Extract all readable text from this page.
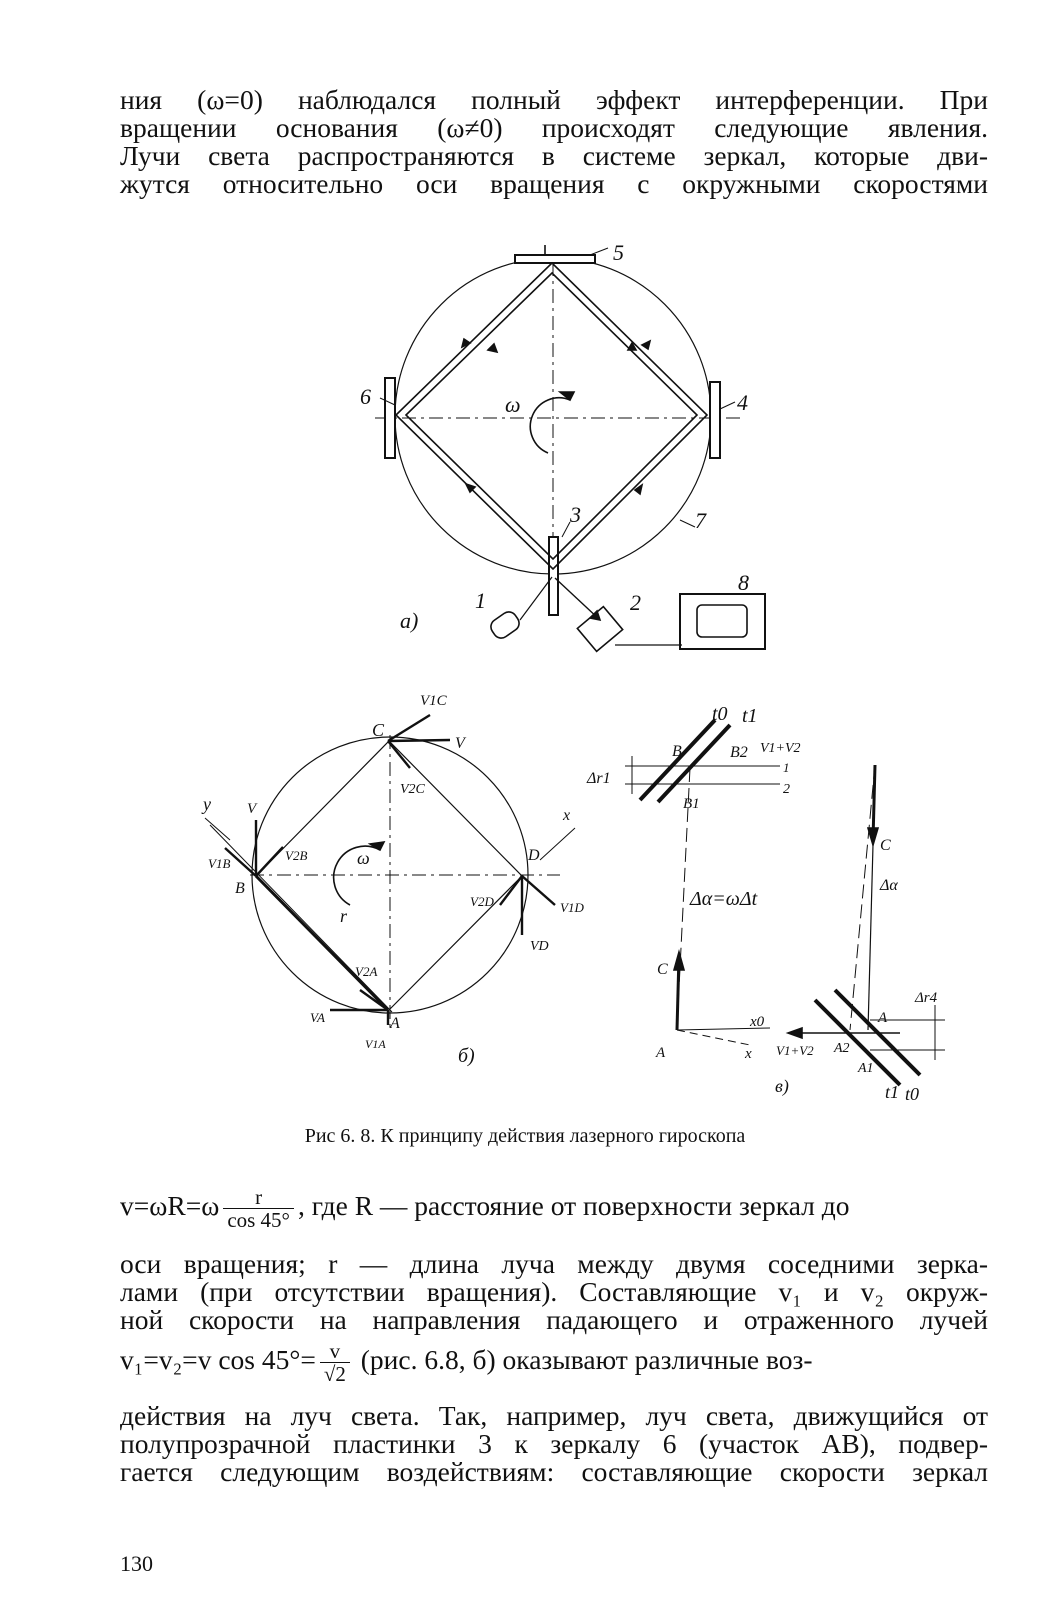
ния (ω=0) наблюдался полный эффект интерференции. При
вращении основания (ω≠0) происходят следующие явления.
Лучи света распространяются в системе зеркал, которые дви-
жутся относительно оси вращения с окружными скоростями
5
6	4
ω
3	7
8
1	2
а)
V1C
C
V
V2C
y V
V1B
V2B
B
ω	D
x
V2D	V1D
VD
r
V2A
VA	A
V1A
б)
t0 t1
B	B2 V1+V2
1
Δr1
2
B1
Δα=ωΔt
C
A
x0
x
в)
C
Δα
Δr4
A
V1+V2 A2
A1
t1 t0
Рис 6. 8. К принципу действия лазерного гироскопа
$v=\omega R=\omega \frac{r}{\cos 45^\circ}$ , где R — расстояние от поверхности зеркал до
оси вращения; r — длина луча между двумя соседними зерка-
лами (при отсутствии вращения). Составляющие v₁ и v₂ окруж-
ной скорости на направления падающего и отраженного лучей
v₁=v₂=v $\cos 45^\circ= \frac{v}{√2} (рис$. 6.8, б) оказывают различные воз-
действия на луч света. Так, например, луч света, движущийся от
полупрозрачной пластинки 3 к зеркалу 6 (участок AB), подвер-
гается следующим воздействиям: составляющие скорости зеркал
130
